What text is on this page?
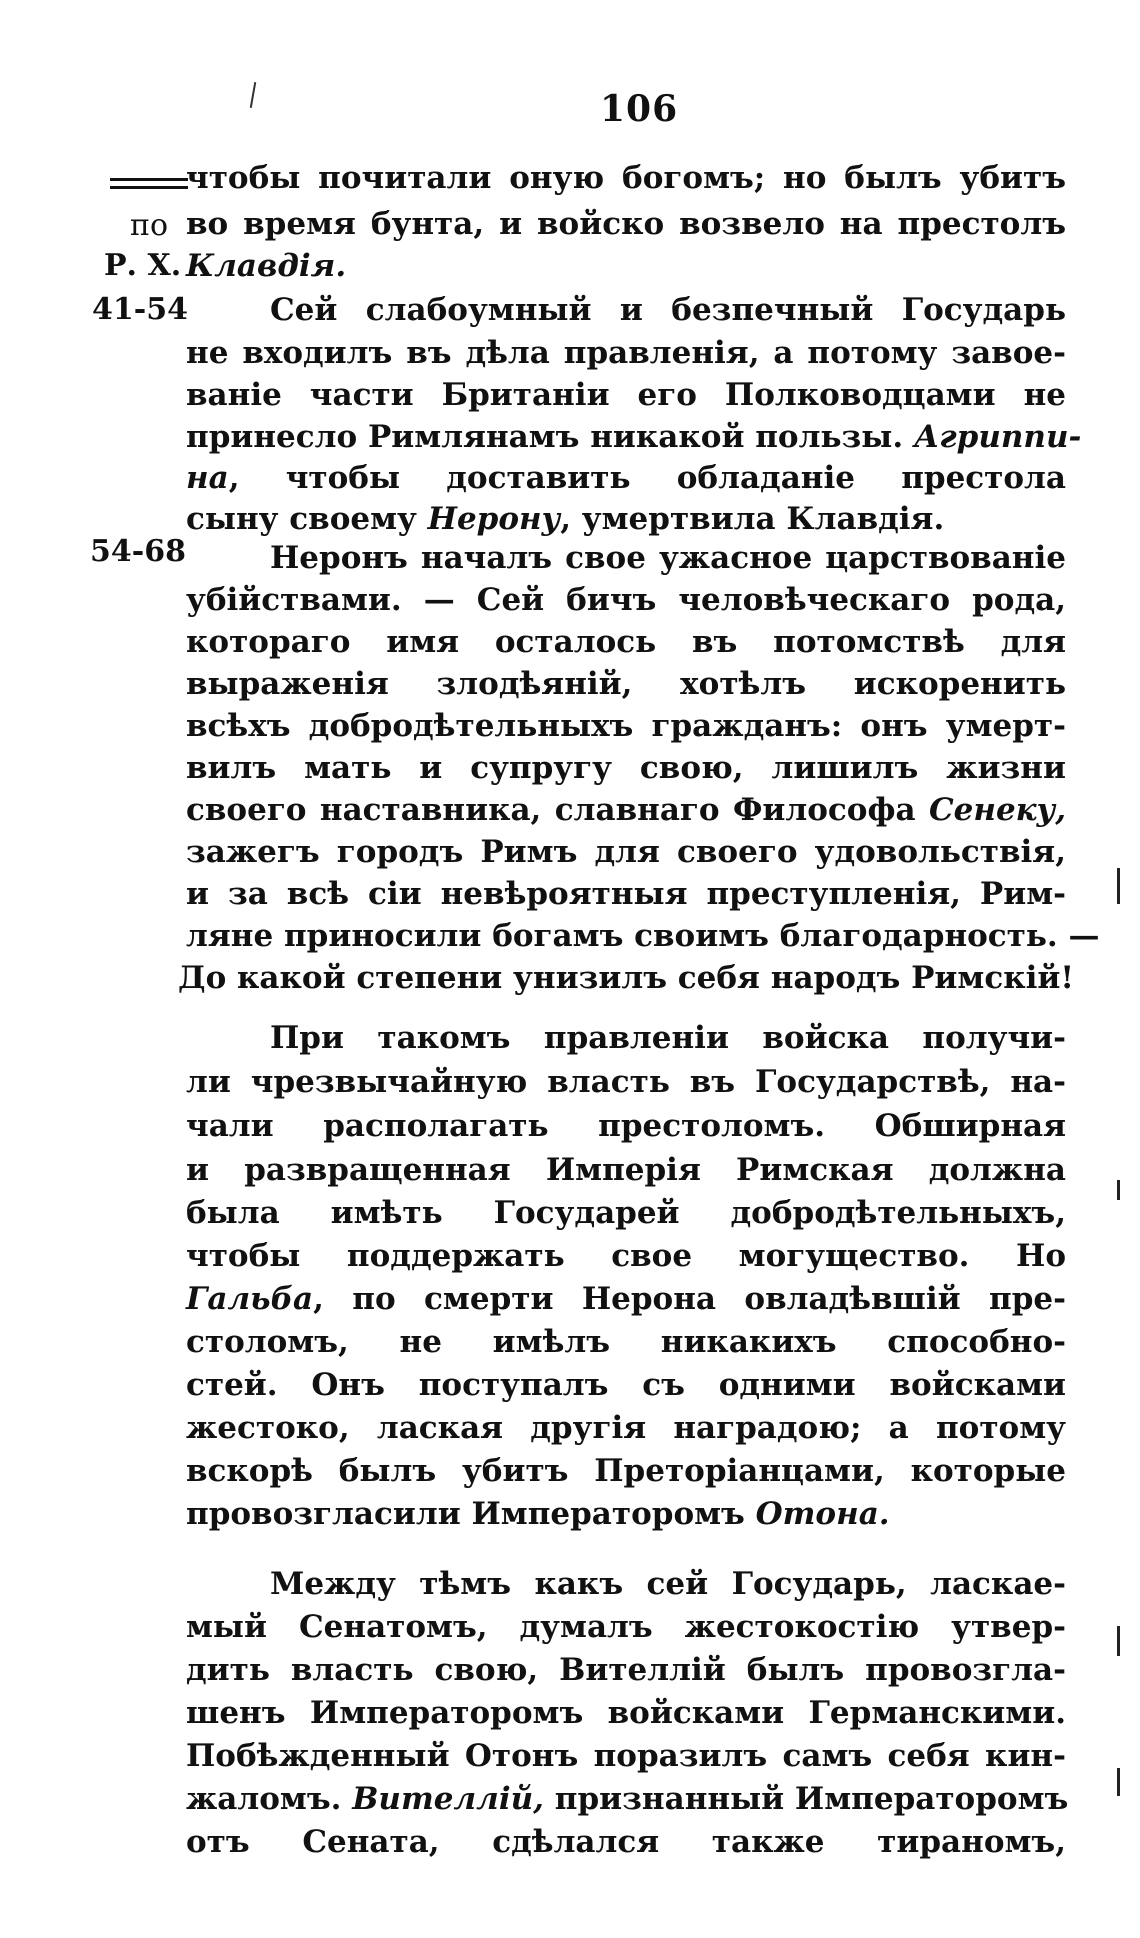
106
по
Р. Х.
41-54
54-68
чтобы почитали оную богомъ; но былъ убитъ
во время бунта, и войско возвело на престолъ
Клавдія.
Сей слабоумный и безпечный Государь
не входилъ въ дѣла правленія, а потому завое-
ваніе части Британіи его Полководцами не
принесло Римлянамъ никакой пользы. Агриппи-
на, чтобы доставить обладаніе престола
сыну своему Нерону, умертвила Клавдія.
Неронъ началъ свое ужасное царствованіе
убійствами. — Сей бичъ человѣческаго рода,
котораго имя осталось въ потомствѣ для
выраженія злодѣяній, хотѣлъ искоренить
всѣхъ добродѣтельныхъ гражданъ: онъ умерт-
вилъ мать и супругу свою, лишилъ жизни
своего наставника, славнаго Философа Сенеку,
зажегъ городъ Римъ для своего удовольствія,
и за всѣ сіи невѣроятныя преступленія, Рим-
ляне приносили богамъ своимъ благодарность. —
До какой степени унизилъ себя народъ Римскій!
При такомъ правленіи войска получи-
ли чрезвычайную власть въ Государствѣ, на-
чали располагать престоломъ. Обширная
и развращенная Имперія Римская должна
была имѣть Государей добродѣтельныхъ,
чтобы поддержать свое могущество. Но
Гальба, по смерти Нерона овладѣвшій пре-
столомъ, не имѣлъ никакихъ способно-
стей. Онъ поступалъ съ одними войсками
жестоко, лаская другія наградою; а потому
вскорѣ былъ убитъ Преторіанцами, которые
провозгласили Императоромъ Отона.
Между тѣмъ какъ сей Государь, ласкае-
мый Сенатомъ, думалъ жестокостію утвер-
дить власть свою, Вителлій былъ провозгла-
шенъ Императоромъ войсками Германскими.
Побѣжденный Отонъ поразилъ самъ себя кин-
жаломъ. Вителлій, признанный Императоромъ
отъ Сената, сдѣлался также тираномъ,
